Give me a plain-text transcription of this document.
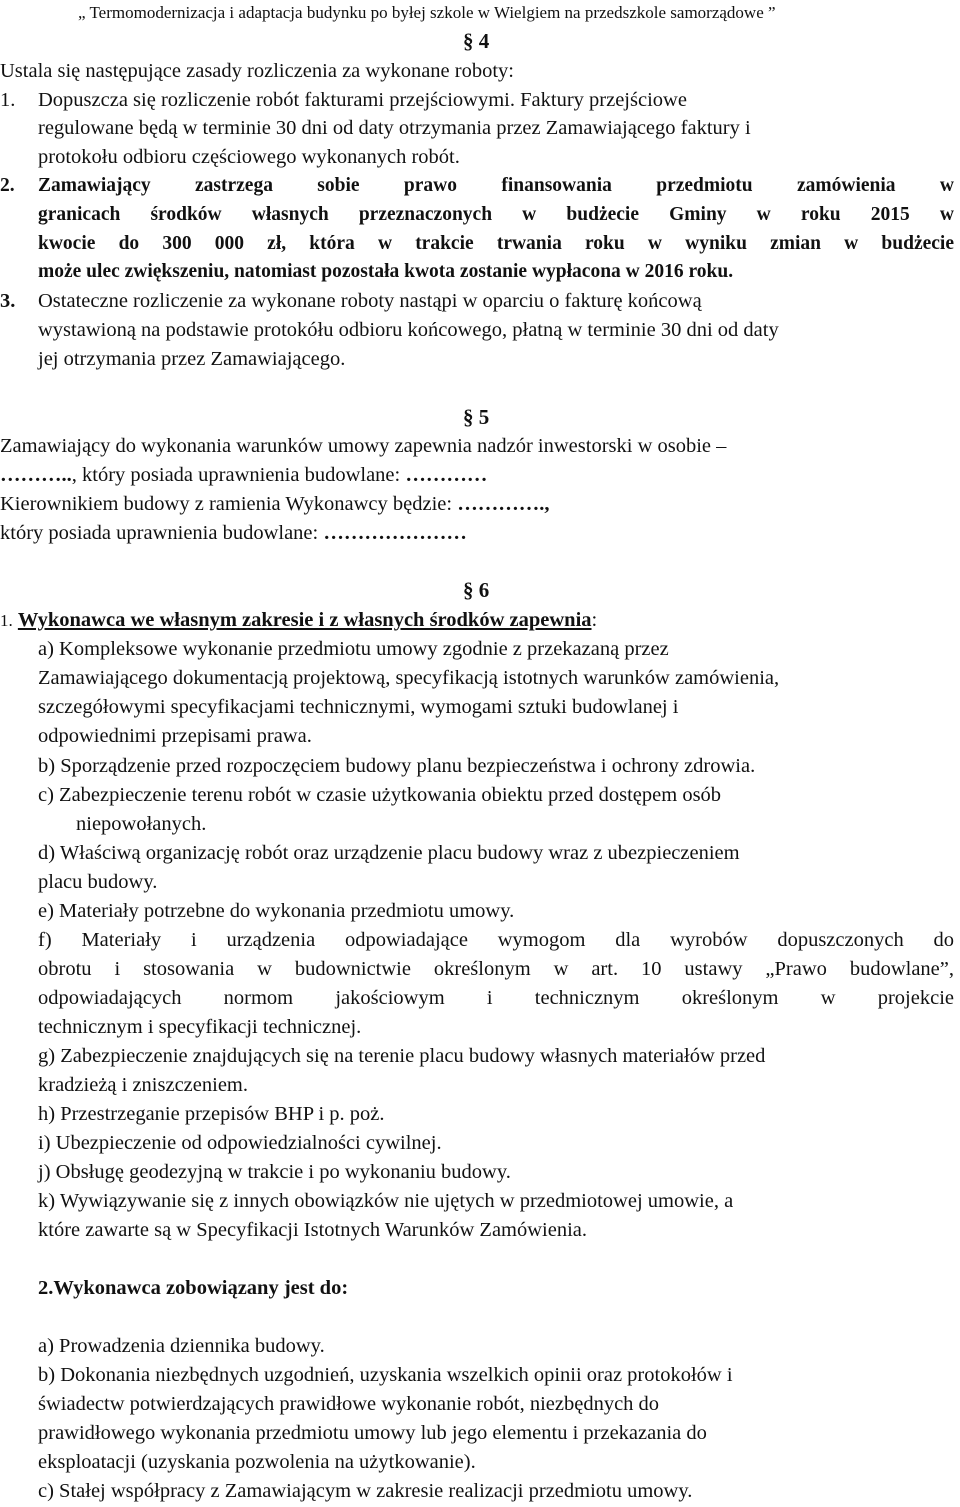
„ Termomodernizacja i adaptacja budynku po byłej szkole w Wielgiem na przedszkole samorządowe ”
§ 4
Ustala się następujące zasady rozliczenia za wykonane roboty:
1. Dopuszcza się rozliczenie robót fakturami przejściowymi. Faktury przejściowe
regulowane będą w terminie 30 dni od daty otrzymania przez Zamawiającego faktury i
protokołu odbioru częściowego wykonanych robót.
2. Zamawiający zastrzega sobie prawo finansowania przedmiotu zamówienia w
granicach środków własnych przeznaczonych w budżecie Gminy w roku 2015 w
kwocie do 300 000 zł, która w trakcie trwania roku w wyniku zmian w budżecie
może ulec zwiększeniu, natomiast pozostała kwota zostanie wypłacona w 2016 roku.
3. Ostateczne rozliczenie za wykonane roboty nastąpi w oparciu o fakturę końcową
wystawioną na podstawie protokółu odbioru końcowego, płatną w terminie 30 dni od daty
jej otrzymania przez Zamawiającego.
§ 5
Zamawiający do wykonania warunków umowy zapewnia nadzór inwestorski w osobie –
……….., który posiada uprawnienia budowlane: …………
Kierownikiem budowy z ramienia Wykonawcy będzie: ………….,
który posiada uprawnienia budowlane: …………………
§ 6
1. Wykonawca we własnym zakresie i z własnych środków zapewnia:
a) Kompleksowe wykonanie przedmiotu umowy zgodnie z przekazaną przez
Zamawiającego dokumentacją projektową, specyfikacją istotnych warunków zamówienia,
szczegółowymi specyfikacjami technicznymi, wymogami sztuki budowlanej i
odpowiednimi przepisami prawa.
b) Sporządzenie przed rozpoczęciem budowy planu bezpieczeństwa i ochrony zdrowia.
c) Zabezpieczenie terenu robót w czasie użytkowania obiektu przed dostępem osób
niepowołanych.
d) Właściwą organizację robót oraz urządzenie placu budowy wraz z ubezpieczeniem
placu budowy.
e) Materiały potrzebne do wykonania przedmiotu umowy.
f) Materiały i urządzenia odpowiadające wymogom dla wyrobów dopuszczonych do
obrotu i stosowania w budownictwie określonym w art. 10 ustawy „Prawo budowlane”,
odpowiadających normom jakościowym i technicznym określonym w projekcie
technicznym i specyfikacji technicznej.
g) Zabezpieczenie znajdujących się na terenie placu budowy własnych materiałów przed
kradzieżą i zniszczeniem.
h) Przestrzeganie przepisów BHP i p. poż.
i) Ubezpieczenie od odpowiedzialności cywilnej.
j) Obsługę geodezyjną w trakcie i po wykonaniu budowy.
k) Wywiązywanie się z innych obowiązków nie ujętych w przedmiotowej umowie, a
które zawarte są w Specyfikacji Istotnych Warunków Zamówienia.
2.Wykonawca zobowiązany jest do:
a) Prowadzenia dziennika budowy.
b) Dokonania niezbędnych uzgodnień, uzyskania wszelkich opinii oraz protokołów i
świadectw potwierdzających prawidłowe wykonanie robót, niezbędnych do
prawidłowego wykonania przedmiotu umowy lub jego elementu i przekazania do
eksploatacji (uzyskania pozwolenia na użytkowanie).
c) Stałej współpracy z Zamawiającym w zakresie realizacji przedmiotu umowy.
